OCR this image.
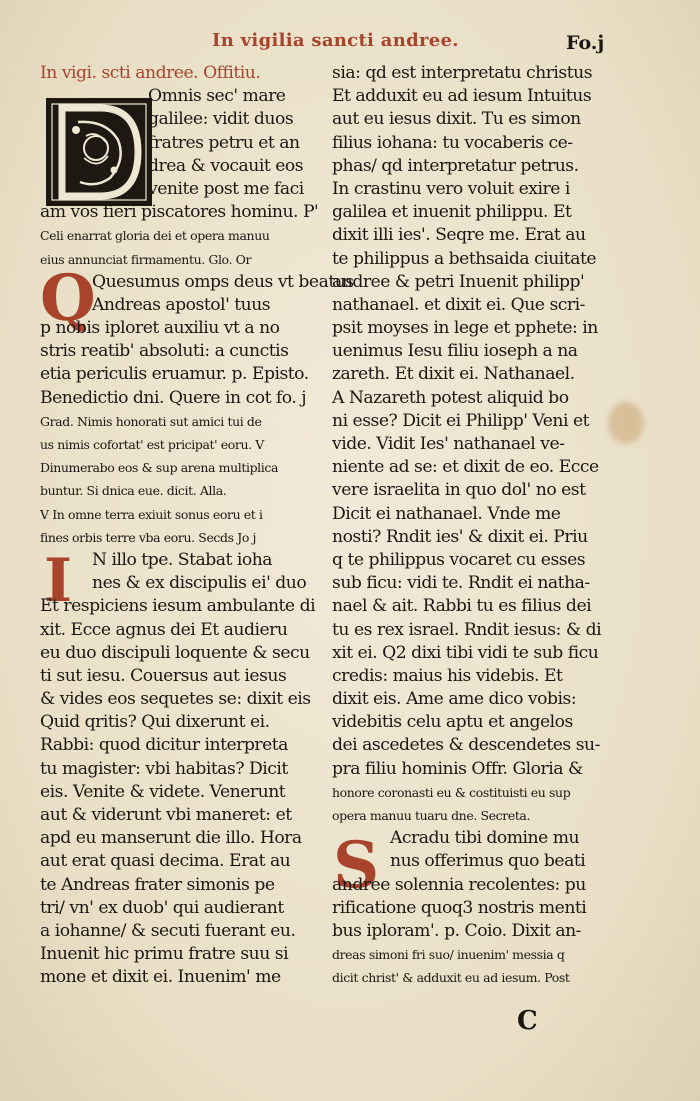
In vigilia sancti andree.	Fo.j
Q
I
S
In vigi. scti andree. Offitiu.
Omnis sec' mare
galilee: vidit duos
fratres petru et an
drea & vocauit eos
venite post me faci
am vos fieri piscatores hominu. P'
Celi enarrat gloria dei et opera manuu
eius annunciat firmamentu. Glo. Or
Quesumus omps deus vt beatus
Andreas apostol' tuus
p nobis iploret auxiliu vt a no
stris reatib' absoluti: a cunctis
etia periculis eruamur. p. Episto.
Benedictio dni. Quere in cot fo. j
Grad. Nimis honorati sut amici tui de
us nimis cofortat' est pricipat' eoru. V
Dinumerabo eos & sup arena multiplica
buntur. Si dnica eue. dicit. Alla.
V In omne terra exiuit sonus eoru et i
fines orbis terre vba eoru. Secds Jo j
N illo tpe. Stabat ioha
nes & ex discipulis ei' duo
Et respiciens iesum ambulante di
xit. Ecce agnus dei Et audieru
eu duo discipuli loquente & secu
ti sut iesu. Couersus aut iesus
& vides eos sequetes se: dixit eis
Quid qritis? Qui dixerunt ei.
Rabbi: quod dicitur interpreta
tu magister: vbi habitas? Dicit
eis. Venite & videte. Venerunt
aut & viderunt vbi maneret: et
apd eu manserunt die illo. Hora
aut erat quasi decima. Erat au
te Andreas frater simonis pe
tri/ vn' ex duob' qui audierant
a iohanne/ & secuti fuerant eu.
Inuenit hic primu fratre suu si
mone et dixit ei. Inuenim' me
sia: qd est interpretatu christus
Et adduxit eu ad iesum Intuitus
aut eu iesus dixit. Tu es simon
filius iohana: tu vocaberis ce-
phas/ qd interpretatur petrus.
In crastinu vero voluit exire i
galilea et inuenit philippu. Et
dixit illi ies'. Seqre me. Erat au
te philippus a bethsaida ciuitate
andree & petri Inuenit philipp'
nathanael. et dixit ei. Que scri-
psit moyses in lege et pphete: in
uenimus Iesu filiu ioseph a na
zareth. Et dixit ei. Nathanael.
A Nazareth potest aliquid bo
ni esse? Dicit ei Philipp' Veni et
vide. Vidit Ies' nathanael ve-
niente ad se: et dixit de eo. Ecce
vere israelita in quo dol' no est
Dicit ei nathanael. Vnde me
nosti? Rndit ies' & dixit ei. Priu
q te philippus vocaret cu esses
sub ficu: vidi te. Rndit ei natha-
nael & ait. Rabbi tu es filius dei
tu es rex israel. Rndit iesus: & di
xit ei. Q2 dixi tibi vidi te sub ficu
credis: maius his videbis. Et
dixit eis. Ame ame dico vobis:
videbitis celu aptu et angelos
dei ascedetes & descendetes su-
pra filiu hominis Offr. Gloria &
honore coronasti eu & costituisti eu sup
opera manuu tuaru dne. Secreta.
Acradu tibi domine mu
nus offerimus quo beati
andree solennia recolentes: pu
rificatione quoq3 nostris menti
bus iploram'. p. Coio. Dixit an-
dreas simoni fri suo/ inuenim' messia q
dicit christ' & adduxit eu ad iesum. Post
C
